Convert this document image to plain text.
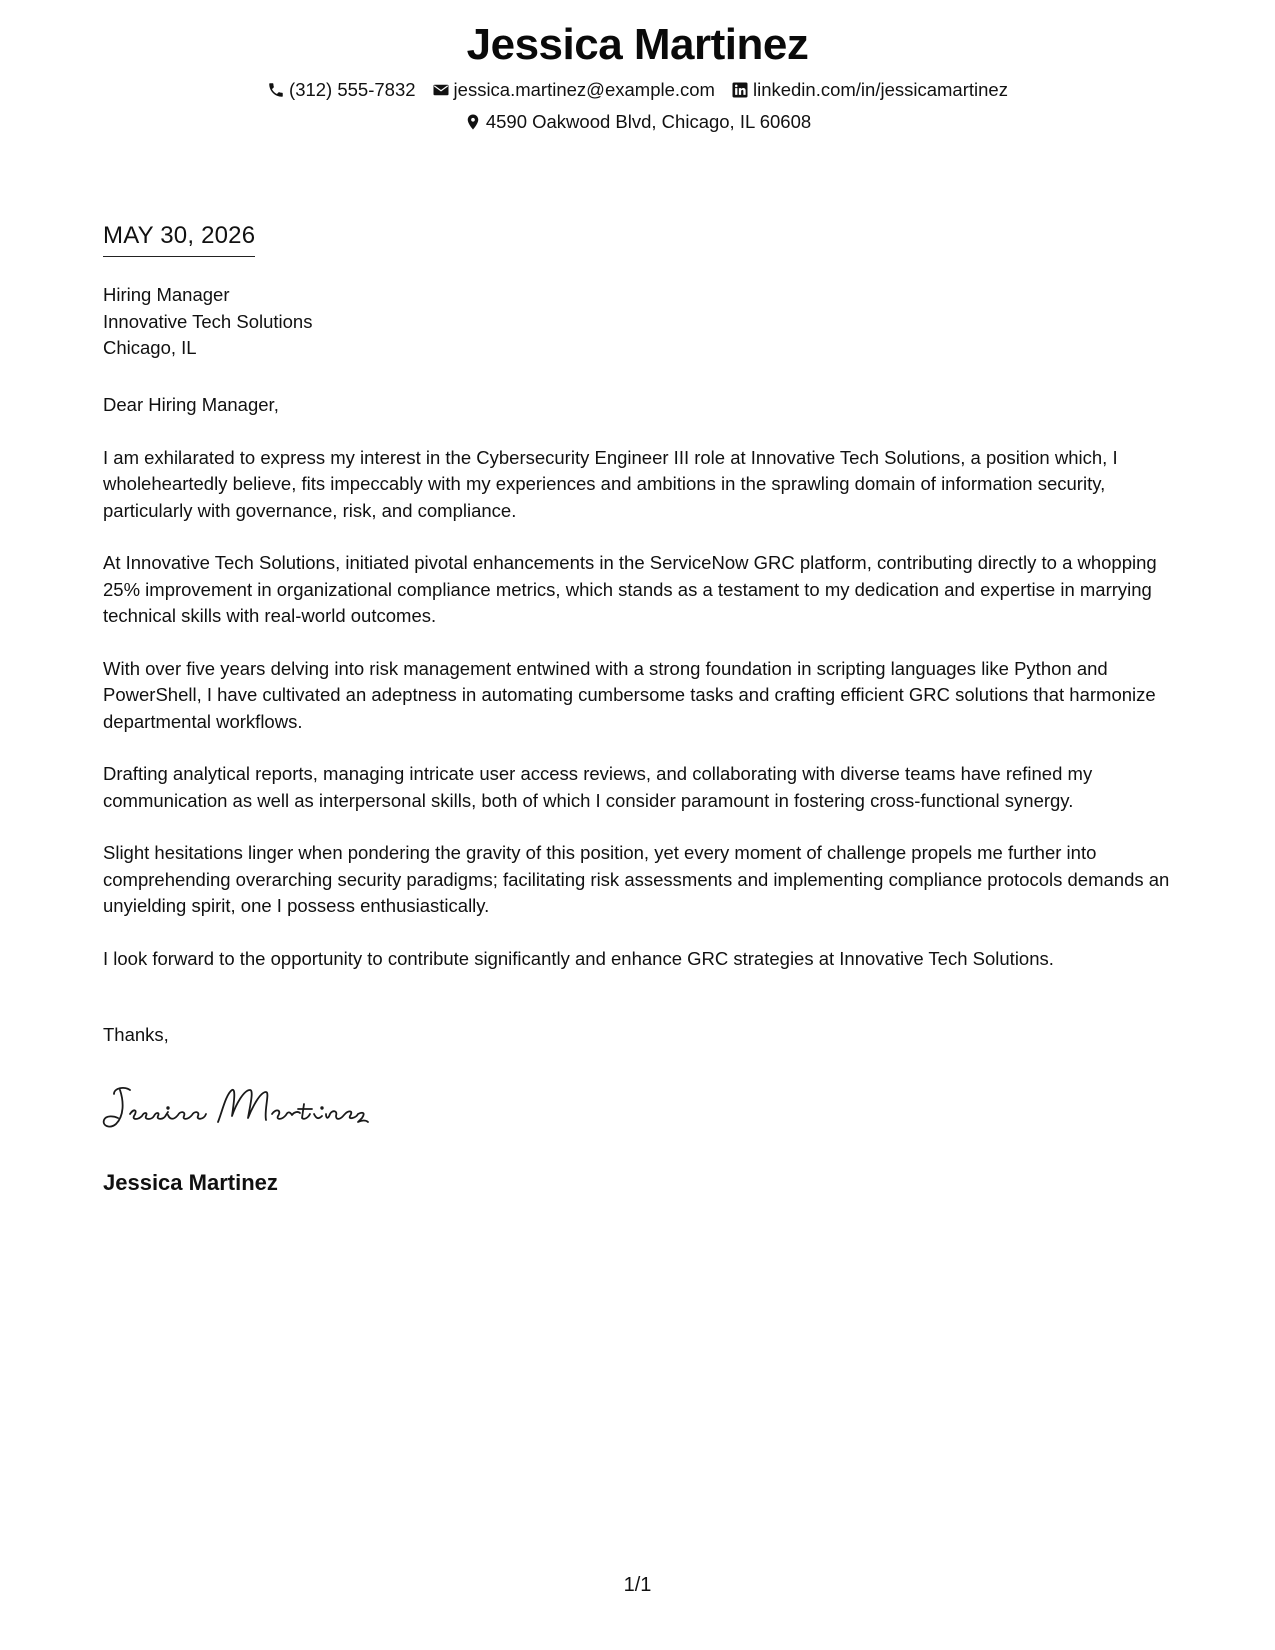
Jessica Martinez
(312) 555-7832 jessica.martinez@example.com linkedin.com/in/jessicamartinez
4590 Oakwood Blvd, Chicago, IL 60608
MAY 30, 2026
Hiring Manager
Innovative Tech Solutions
Chicago, IL

Dear Hiring Manager,

I am exhilarated to express my interest in the Cybersecurity Engineer III role at Innovative Tech Solutions, a position which, I wholeheartedly believe, fits impeccably with my experiences and ambitions in the sprawling domain of information security, particularly with governance, risk, and compliance.

At Innovative Tech Solutions, initiated pivotal enhancements in the ServiceNow GRC platform, contributing directly to a whopping 25% improvement in organizational compliance metrics, which stands as a testament to my dedication and expertise in marrying technical skills with real-world outcomes.

With over five years delving into risk management entwined with a strong foundation in scripting languages like Python and PowerShell, I have cultivated an adeptness in automating cumbersome tasks and crafting efficient GRC solutions that harmonize departmental workflows.

Drafting analytical reports, managing intricate user access reviews, and collaborating with diverse teams have refined my communication as well as interpersonal skills, both of which I consider paramount in fostering cross-functional synergy.

Slight hesitations linger when pondering the gravity of this position, yet every moment of challenge propels me further into comprehending overarching security paradigms; facilitating risk assessments and implementing compliance protocols demands an unyielding spirit, one I possess enthusiastically.

I look forward to the opportunity to contribute significantly and enhance GRC strategies at Innovative Tech Solutions.

Thanks,
Jessica Martinez
1/1
